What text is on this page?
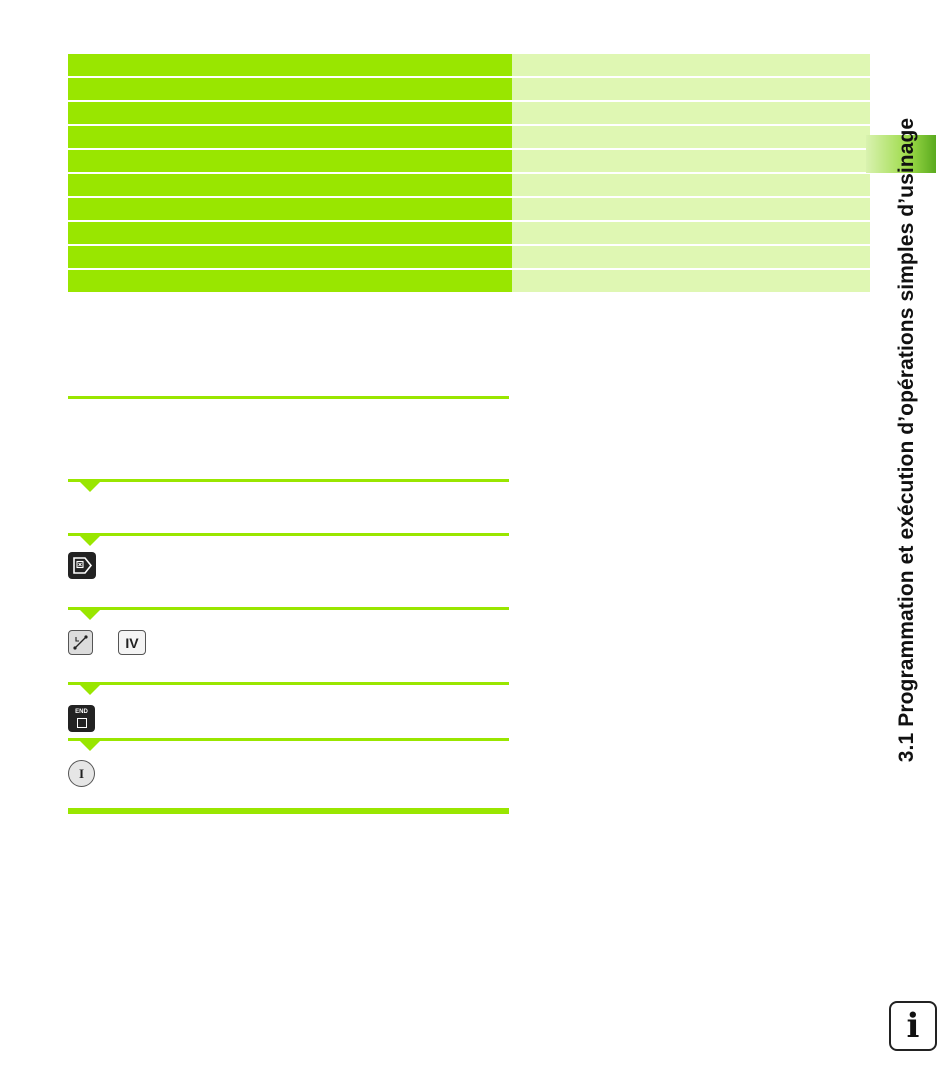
IV
END
I
3.1 Programmation et exécution d’opérations simples d’usinage
i
